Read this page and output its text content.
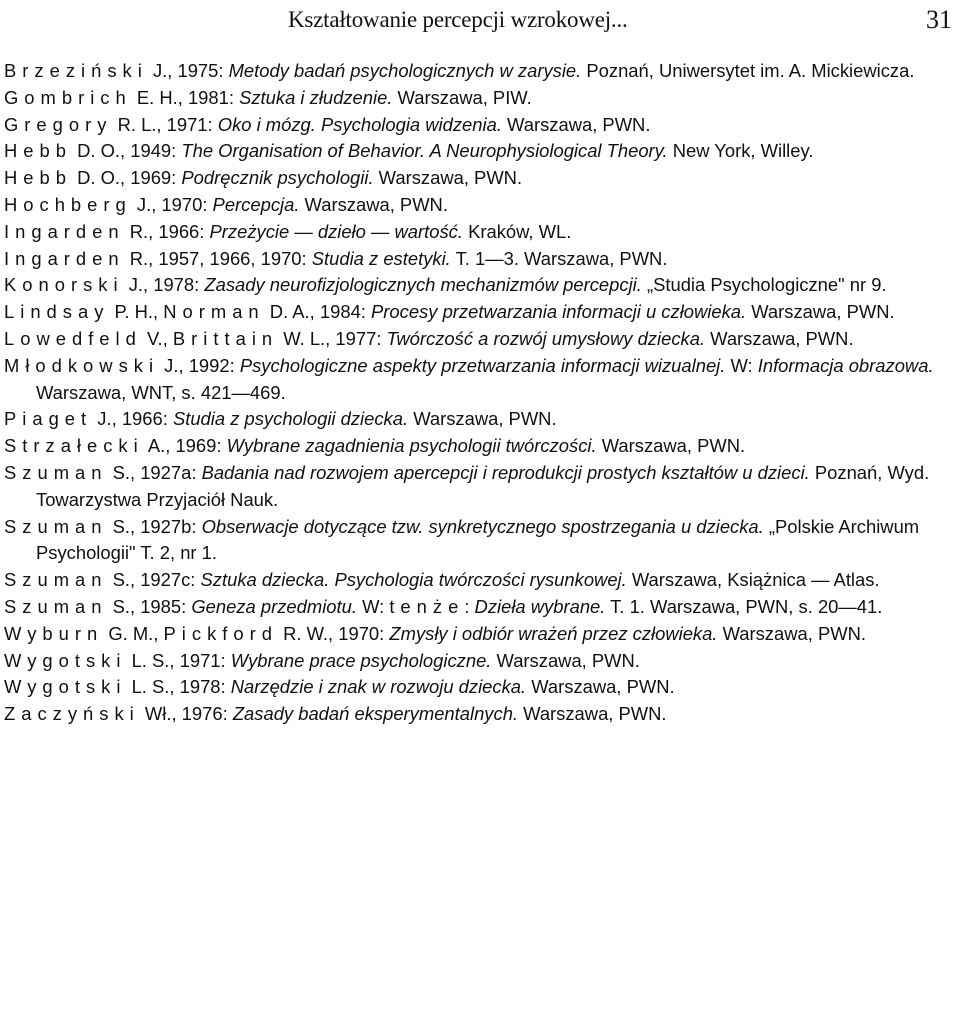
Kształtowanie percepcji wzrokowej...	31
Brzeziński J., 1975: Metody badań psychologicznych w zarysie. Poznań, Uniwersytet im. A. Mickiewicza.
Gombrich E. H., 1981: Sztuka i złudzenie. Warszawa, PIW.
Gregory R. L., 1971: Oko i mózg. Psychologia widzenia. Warszawa, PWN.
Hebb D. O., 1949: The Organisation of Behavior. A Neurophysiological Theory. New York, Willey.
Hebb D. O., 1969: Podręcznik psychologii. Warszawa, PWN.
Hochberg J., 1970: Percepcja. Warszawa, PWN.
Ingarden R., 1966: Przeżycie — dzieło — wartość. Kraków, WL.
Ingarden R., 1957, 1966, 1970: Studia z estetyki. T. 1—3. Warszawa, PWN.
Konorski J., 1978: Zasady neurofizjologicznych mechanizmów percepcji. „Studia Psychologiczne" nr 9.
Lindsay P. H., Norman D. A., 1984: Procesy przetwarzania informacji u człowieka. Warszawa, PWN.
Lowedfeld V., Brittain W. L., 1977: Twórczość a rozwój umysłowy dziecka. Warszawa, PWN.
Młodkowski J., 1992: Psychologiczne aspekty przetwarzania informacji wizualnej. W: Informacja obrazowa. Warszawa, WNT, s. 421—469.
Piaget J., 1966: Studia z psychologii dziecka. Warszawa, PWN.
Strzałecki A., 1969: Wybrane zagadnienia psychologii twórczości. Warszawa, PWN.
Szuman S., 1927a: Badania nad rozwojem apercepcji i reprodukcji prostych kształtów u dzieci. Poznań, Wyd. Towarzystwa Przyjaciół Nauk.
Szuman S., 1927b: Obserwacje dotyczące tzw. synkretycznego spostrzegania u dziecka. „Polskie Archiwum Psychologii" T. 2, nr 1.
Szuman S., 1927c: Sztuka dziecka. Psychologia twórczości rysunkowej. Warszawa, Książnica — Atlas.
Szuman S., 1985: Geneza przedmiotu. W: tenże: Dzieła wybrane. T. 1. Warszawa, PWN, s. 20—41.
Wyburn G. M., Pickford R. W., 1970: Zmysły i odbiór wrażeń przez człowieka. Warszawa, PWN.
Wygotski L. S., 1971: Wybrane prace psychologiczne. Warszawa, PWN.
Wygotski L. S., 1978: Narzędzie i znak w rozwoju dziecka. Warszawa, PWN.
Zaczyński Wł., 1976: Zasady badań eksperymentalnych. Warszawa, PWN.
